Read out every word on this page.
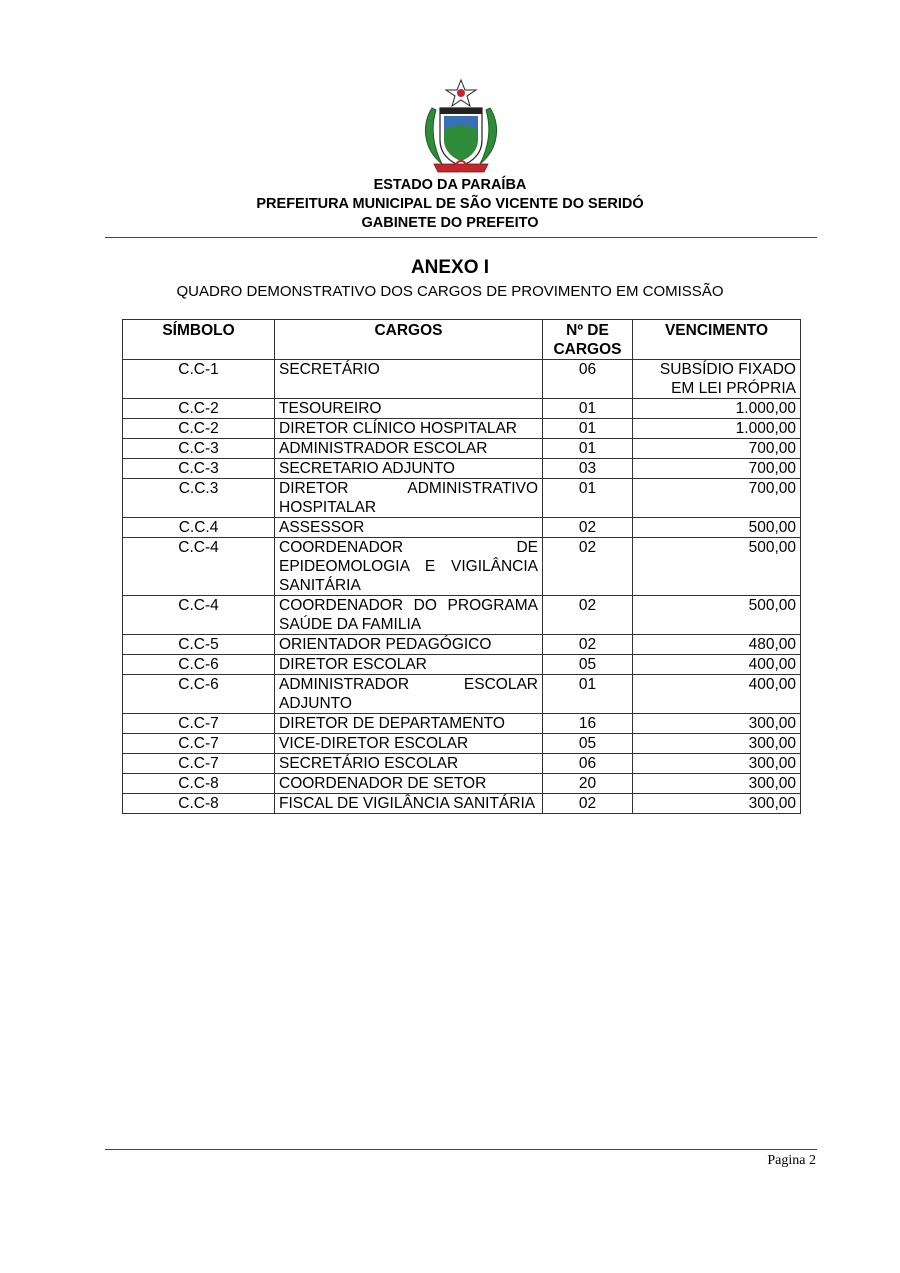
ESTADO DA PARAÍBA
PREFEITURA MUNICIPAL DE SÃO VICENTE DO SERIDÓ
GABINETE DO PREFEITO
ANEXO I
QUADRO DEMONSTRATIVO DOS CARGOS DE PROVIMENTO EM COMISSÃO
SÍMBOLO	CARGOS	Nº DE CARGOS	VENCIMENTO
C.C-1	SECRETÁRIO	06	SUBSÍDIO FIXADO EM LEI PRÓPRIA
C.C-2	TESOUREIRO	01	1.000,00
C.C-2	DIRETOR CLÍNICO HOSPITALAR	01	1.000,00
C.C-3	ADMINISTRADOR ESCOLAR	01	700,00
C.C-3	SECRETARIO ADJUNTO	03	700,00
C.C.3	DIRETOR ADMINISTRATIVO HOSPITALAR	01	700,00
C.C.4	ASSESSOR	02	500,00
C.C-4	COORDENADOR DE EPIDEOMOLOGIA E VIGILÂNCIA SANITÁRIA	02	500,00
C.C-4	COORDENADOR DO PROGRAMA SAÚDE DA FAMILIA	02	500,00
C.C-5	ORIENTADOR PEDAGÓGICO	02	480,00
C.C-6	DIRETOR ESCOLAR	05	400,00
C.C-6	ADMINISTRADOR ESCOLAR ADJUNTO	01	400,00
C.C-7	DIRETOR DE DEPARTAMENTO	16	300,00
C.C-7	VICE-DIRETOR ESCOLAR	05	300,00
C.C-7	SECRETÁRIO ESCOLAR	06	300,00
C.C-8	COORDENADOR DE SETOR	20	300,00
C.C-8	FISCAL DE VIGILÂNCIA SANITÁRIA	02	300,00
Pagina 2
